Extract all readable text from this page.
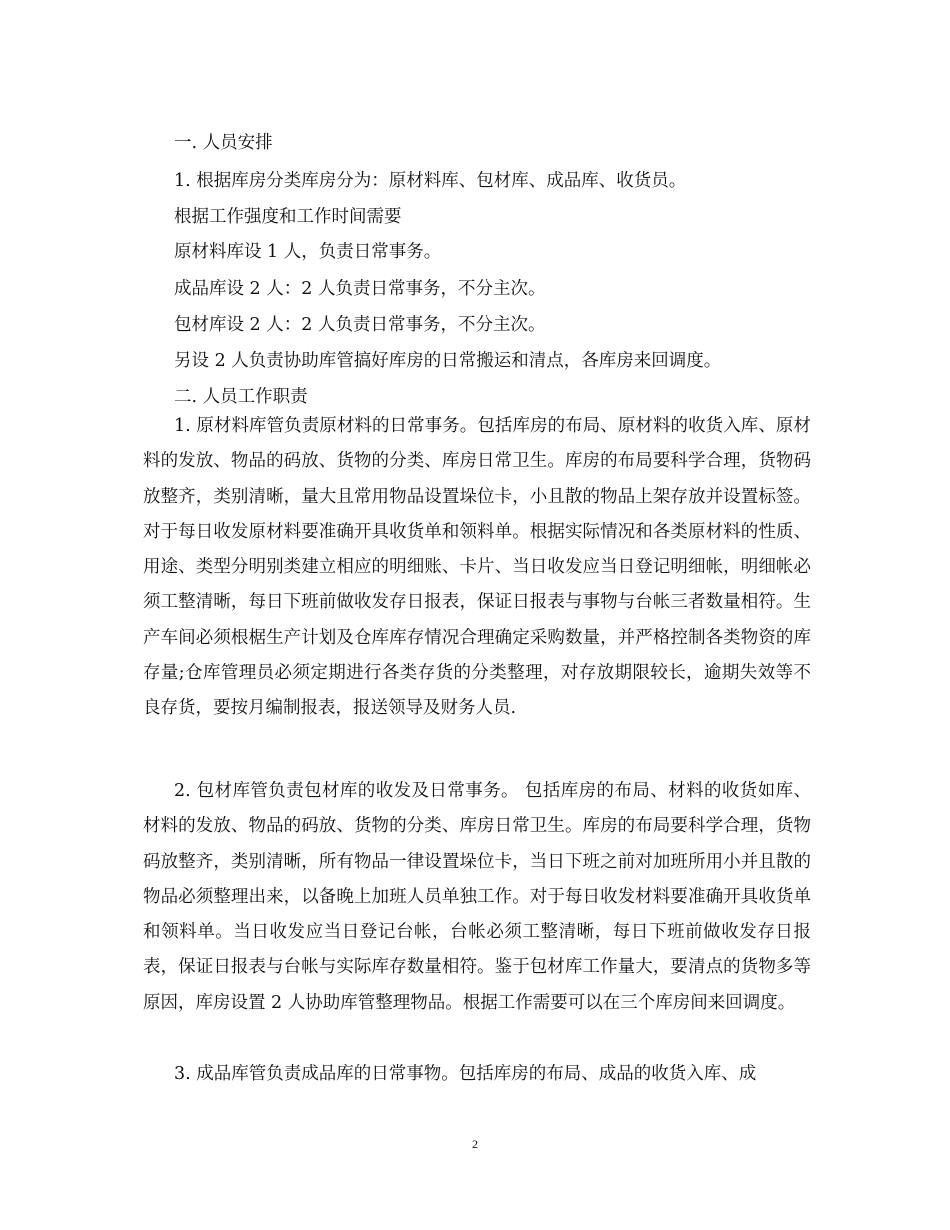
一. 人员安排
1. 根据库房分类库房分为：原材料库、包材库、成品库、收货员。
根据工作强度和工作时间需要
原材料库设 1 人，负责日常事务。
成品库设 2 人：2 人负责日常事务，不分主次。
包材库设 2 人：2 人负责日常事务，不分主次。
另设 2 人负责协助库管搞好库房的日常搬运和清点，各库房来回调度。
二. 人员工作职责

1. 原材料库管负责原材料的日常事务。包括库房的布局、原材料的收货入库、原材料的发放、物品的码放、货物的分类、库房日常卫生。库房的布局要科学合理，货物码放整齐，类别清晰，量大且常用物品设置垛位卡，小且散的物品上架存放并设置标签。对于每日收发原材料要准确开具收货单和领料单。根据实际情况和各类原材料的性质、用途、类型分明别类建立相应的明细账、卡片、当日收发应当日登记明细帐，明细帐必须工整清晰，每日下班前做收发存日报表，保证日报表与事物与台帐三者数量相符。生产车间必须根椐生产计划及仓库库存情况合理确定采购数量，并严格控制各类物资的库存量;仓库管理员必须定期进行各类存货的分类整理，对存放期限较长，逾期失效等不良存货，要按月编制报表，报送领导及财务人员.

2. 包材库管负责包材库的收发及日常事务。 包括库房的布局、材料的收货如库、材料的发放、物品的码放、货物的分类、库房日常卫生。库房的布局要科学合理，货物码放整齐，类别清晰，所有物品一律设置垛位卡，当日下班之前对加班所用小并且散的物品必须整理出来，以备晚上加班人员单独工作。对于每日收发材料要准确开具收货单和领料单。当日收发应当日登记台帐，台帐必须工整清晰，每日下班前做收发存日报表，保证日报表与台帐与实际库存数量相符。鉴于包材库工作量大，要清点的货物多等原因，库房设置 2 人协助库管整理物品。根据工作需要可以在三个库房间来回调度。

3. 成品库管负责成品库的日常事物。包括库房的布局、成品的收货入库、成

2
